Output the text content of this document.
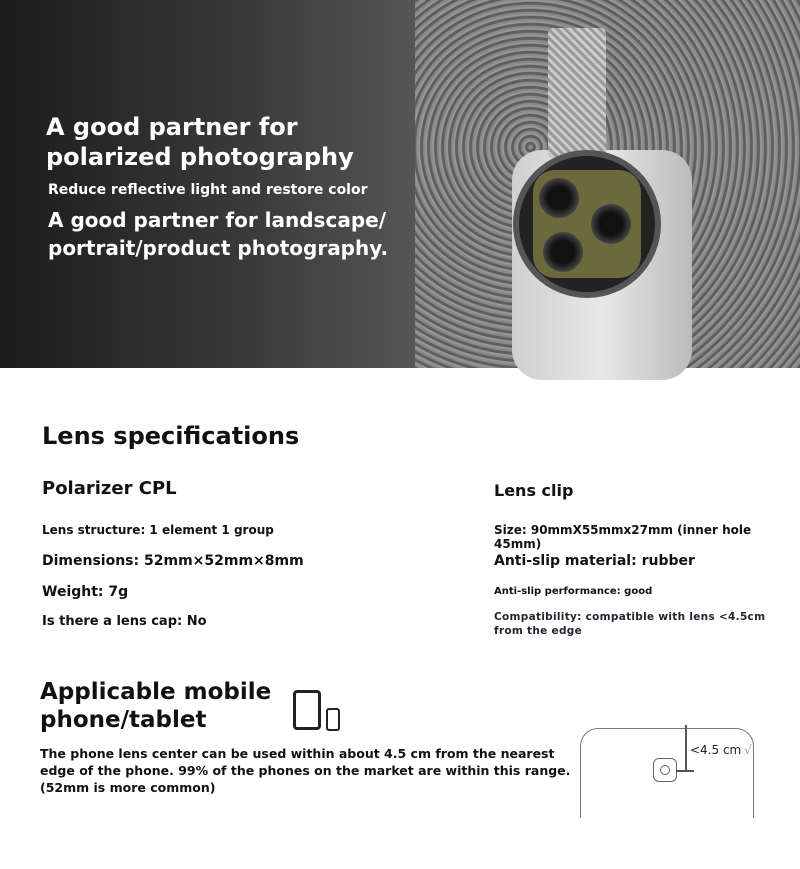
A good partner for polarized photography
Reduce reflective light and restore color
A good partner for landscape/ portrait/product photography.
Lens specifications
Polarizer CPL
Lens structure: 1 element 1 group
Dimensions: 52mm×52mm×8mm
Weight: 7g
Is there a lens cap: No
Lens clip
Size: 90mmX55mmx27mm (inner hole 45mm)
Anti-slip material: rubber
Anti-slip performance: good
Compatibility: compatible with lens <4.5cm from the edge
Applicable mobile phone/tablet
The phone lens center can be used within about 4.5 cm from the nearest edge of the phone. 99% of the phones on the market are within this range. (52mm is more common)
<4.5 cm √
